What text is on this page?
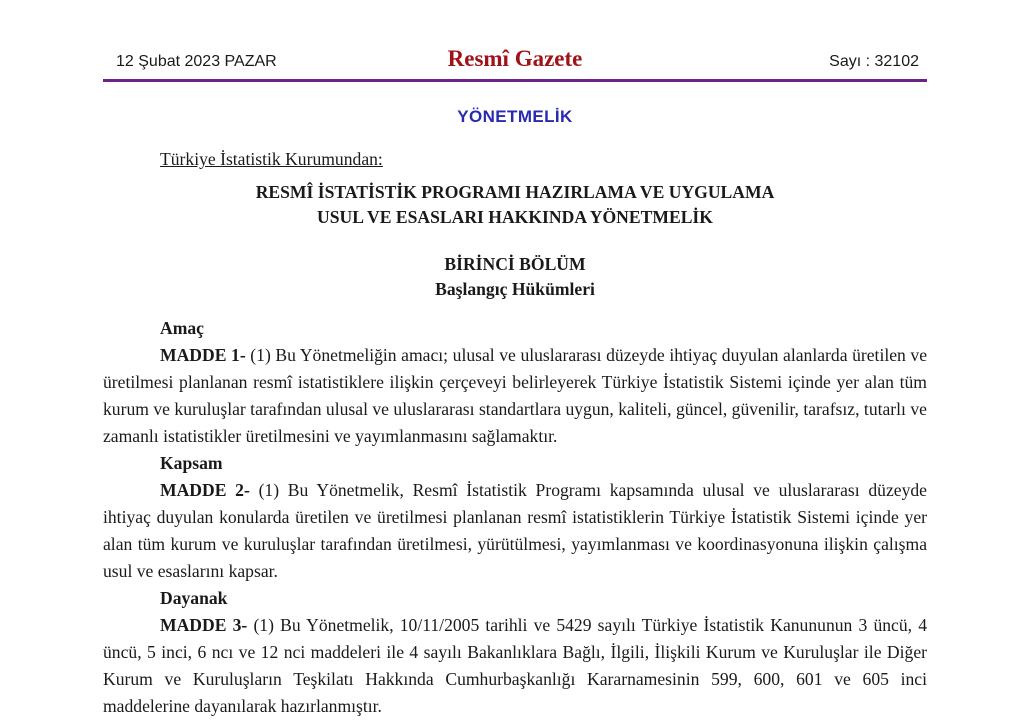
12 Şubat 2023 PAZAR	Resmî Gazete	Sayı : 32102
YÖNETMELİK
Türkiye İstatistik Kurumundan:
RESMÎ İSTATİSTİK PROGRAMI HAZIRLAMA VE UYGULAMA
USUL VE ESASLARI HAKKINDA YÖNETMELİK
BİRİNCİ BÖLÜM
Başlangıç Hükümleri
Amaç

MADDE 1- (1) Bu Yönetmeliğin amacı; ulusal ve uluslararası düzeyde ihtiyaç duyulan alanlarda üretilen ve üretilmesi planlanan resmî istatistiklere ilişkin çerçeveyi belirleyerek Türkiye İstatistik Sistemi içinde yer alan tüm kurum ve kuruluşlar tarafından ulusal ve uluslararası standartlara uygun, kaliteli, güncel, güvenilir, tarafsız, tutarlı ve zamanlı istatistikler üretilmesini ve yayımlanmasını sağlamaktır.

Kapsam

MADDE 2- (1) Bu Yönetmelik, Resmî İstatistik Programı kapsamında ulusal ve uluslararası düzeyde ihtiyaç duyulan konularda üretilen ve üretilmesi planlanan resmî istatistiklerin Türkiye İstatistik Sistemi içinde yer alan tüm kurum ve kuruluşlar tarafından üretilmesi, yürütülmesi, yayımlanması ve koordinasyonuna ilişkin çalışma usul ve esaslarını kapsar.

Dayanak

MADDE 3- (1) Bu Yönetmelik, 10/11/2005 tarihli ve 5429 sayılı Türkiye İstatistik Kanununun 3 üncü, 4 üncü, 5 inci, 6 ncı ve 12 nci maddeleri ile 4 sayılı Bakanlıklara Bağlı, İlgili, İlişkili Kurum ve Kuruluşlar ile Diğer Kurum ve Kuruluşların Teşkilatı Hakkında Cumhurbaşkanlığı Kararnamesinin 599, 600, 601 ve 605 inci maddelerine dayanılarak hazırlanmıştır.
